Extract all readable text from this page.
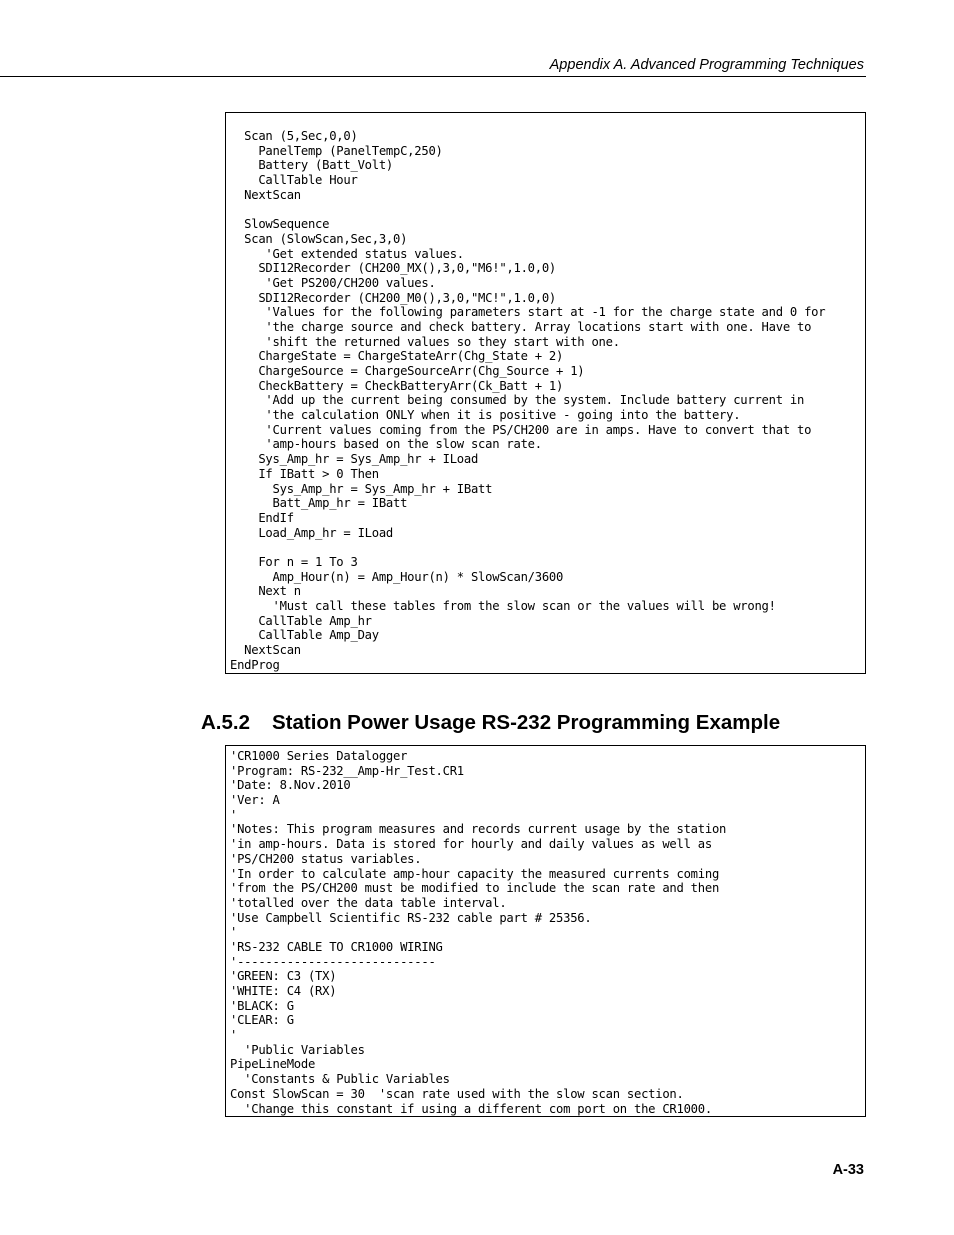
Appendix A. Advanced Programming Techniques
Scan (5,Sec,0,0)
PanelTemp (PanelTempC,250)
Battery (Batt_Volt)
CallTable Hour
NextScan
SlowSequence
Scan (SlowScan,Sec,3,0)
'Get extended status values.
SDI12Recorder (CH200_MX(),3,0,"M6!",1.0,0)
'Get PS200/CH200 values.
SDI12Recorder (CH200_M0(),3,0,"MC!",1.0,0)
'Values for the following parameters start at -1 for the charge state and 0 for
'the charge source and check battery. Array locations start with one. Have to
'shift the returned values so they start with one.
ChargeState = ChargeStateArr(Chg_State + 2)
ChargeSource = ChargeSourceArr(Chg_Source + 1)
CheckBattery = CheckBatteryArr(Ck_Batt + 1)
'Add up the current being consumed by the system. Include battery current in
'the calculation ONLY when it is positive - going into the battery.
'Current values coming from the PS/CH200 are in amps. Have to convert that to
'amp-hours based on the slow scan rate.
Sys_Amp_hr = Sys_Amp_hr + ILoad
If IBatt > 0 Then
Sys_Amp_hr = Sys_Amp_hr + IBatt
Batt_Amp_hr = IBatt
EndIf
Load_Amp_hr = ILoad
For n = 1 To 3
Amp_Hour(n) = Amp_Hour(n) * SlowScan/3600
Next n
'Must call these tables from the slow scan or the values will be wrong!
CallTable Amp_hr
CallTable Amp_Day
NextScan
EndProg
A.5.2 Station Power Usage RS-232 Programming Example
'CR1000 Series Datalogger
'Program: RS-232__Amp-Hr_Test.CR1
'Date: 8.Nov.2010
'Ver: A
'
'Notes: This program measures and records current usage by the station
'in amp-hours. Data is stored for hourly and daily values as well as
'PS/CH200 status variables.
'In order to calculate amp-hour capacity the measured currents coming
'from the PS/CH200 must be modified to include the scan rate and then
'totalled over the data table interval.
'Use Campbell Scientific RS-232 cable part # 25356.
'
'RS-232 CABLE TO CR1000 WIRING
'----------------------------
'GREEN: C3 (TX)
'WHITE: C4 (RX)
'BLACK: G
'CLEAR: G
'
'Public Variables
PipeLineMode
'Constants & Public Variables
Const SlowScan = 30  'scan rate used with the slow scan section.
'Change this constant if using a different com port on the CR1000.
A-33
